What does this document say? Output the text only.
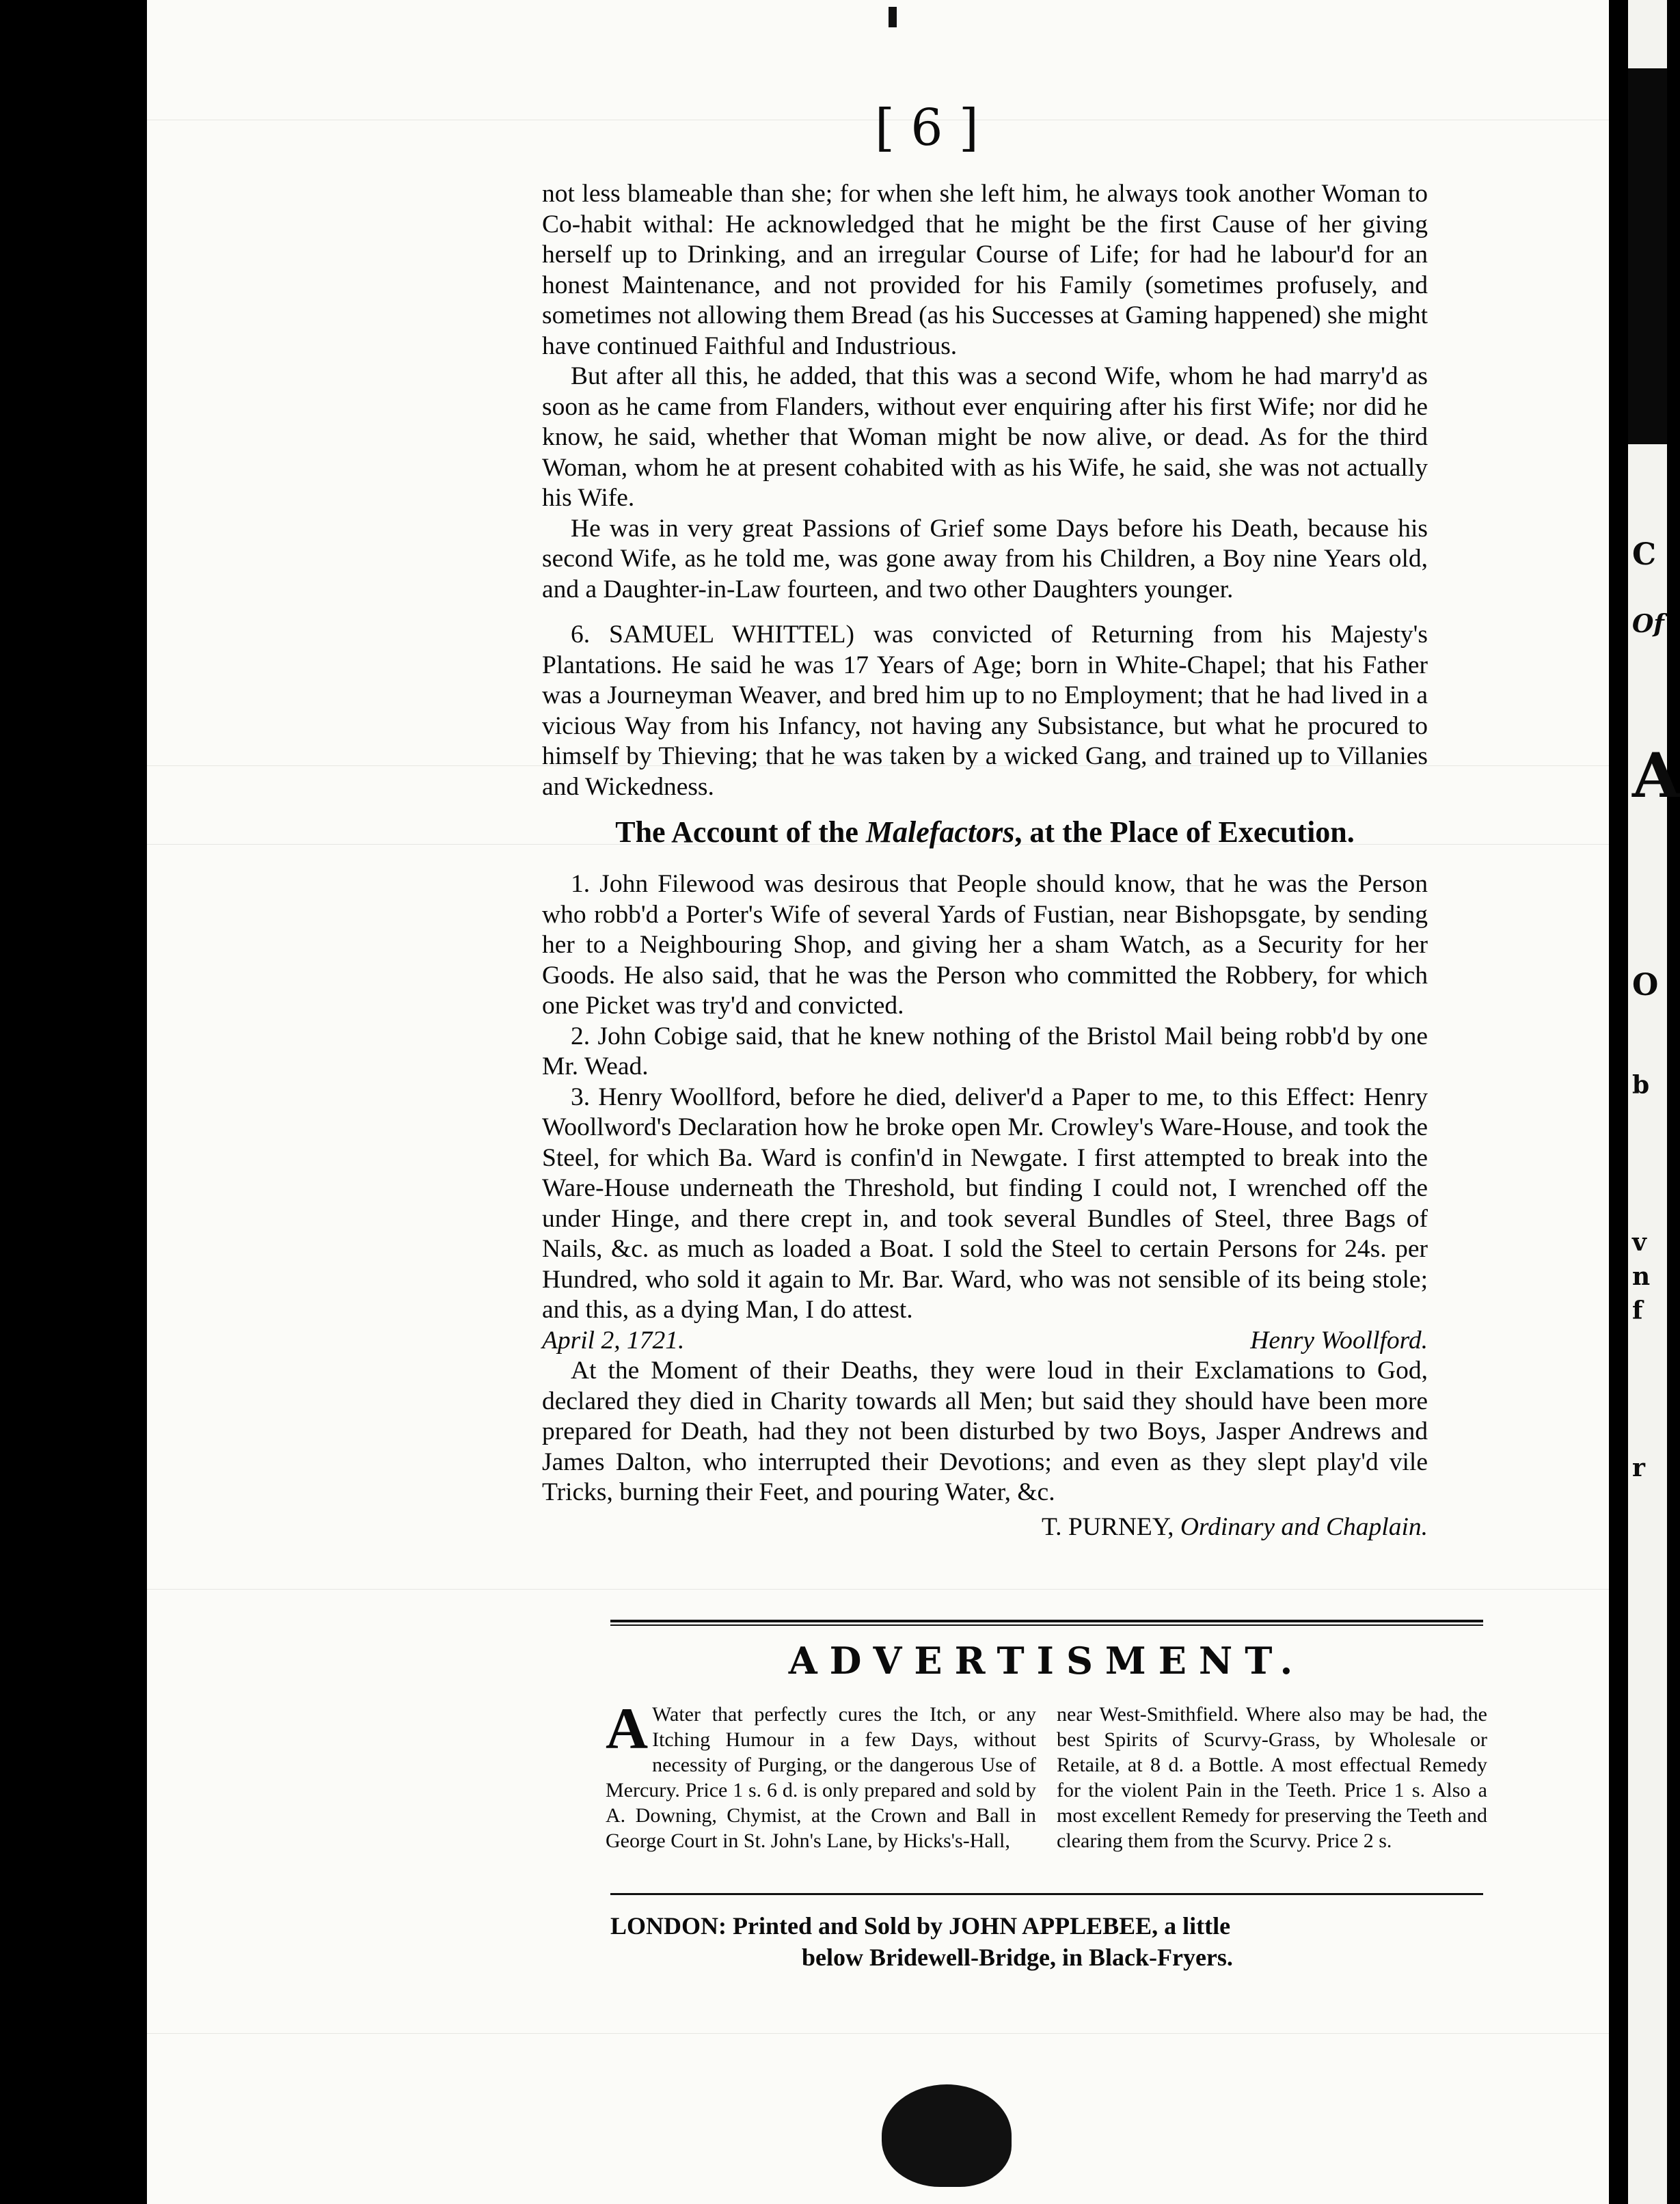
C
Of
A
O
b
v
n
f
r
[ 6 ]

not less blameable than she; for when she left him, he always took another Woman to Co-habit withal: He acknowledged that he might be the first Cause of her giving herself up to Drinking, and an irregular Course of Life; for had he labour'd for an honest Maintenance, and not provided for his Family (sometimes profusely, and sometimes not allowing them Bread (as his Successes at Gaming happened) she might have continued Faithful and Industrious.

But after all this, he added, that this was a second Wife, whom he had marry'd as soon as he came from Flanders, without ever enquiring after his first Wife; nor did he know, he said, whether that Woman might be now alive, or dead. As for the third Woman, whom he at present cohabited with as his Wife, he said, she was not actually his Wife.

He was in very great Passions of Grief some Days before his Death, because his second Wife, as he told me, was gone away from his Children, a Boy nine Years old, and a Daughter-in-Law fourteen, and two other Daughters younger.

6. SAMUEL WHITTEL) was convicted of Returning from his Majesty's Plantations. He said he was 17 Years of Age; born in White-Chapel; that his Father was a Journeyman Weaver, and bred him up to no Employment; that he had lived in a vicious Way from his Infancy, not having any Subsistance, but what he procured to himself by Thieving; that he was taken by a wicked Gang, and trained up to Villanies and Wickedness.

The Account of the Malefactors, at the Place of Execution.

1. John Filewood was desirous that People should know, that he was the Person who robb'd a Porter's Wife of several Yards of Fustian, near Bishopsgate, by sending her to a Neighbouring Shop, and giving her a sham Watch, as a Security for her Goods. He also said, that he was the Person who committed the Robbery, for which one Picket was try'd and convicted.

2. John Cobige said, that he knew nothing of the Bristol Mail being robb'd by one Mr. Wead.

3. Henry Woollford, before he died, deliver'd a Paper to me, to this Effect: Henry Woollword's Declaration how he broke open Mr. Crowley's Ware-House, and took the Steel, for which Ba. Ward is confin'd in Newgate. I first attempted to break into the Ware-House underneath the Threshold, but finding I could not, I wrenched off the under Hinge, and there crept in, and took several Bundles of Steel, three Bags of Nails, &c. as much as loaded a Boat. I sold the Steel to certain Persons for 24s. per Hundred, who sold it again to Mr. Bar. Ward, who was not sensible of its being stole; and this, as a dying Man, I do attest.

April 2, 1721.	Henry Woollford.

At the Moment of their Deaths, they were loud in their Exclamations to God, declared they died in Charity towards all Men; but said they should have been more prepared for Death, had they not been disturbed by two Boys, Jasper Andrews and James Dalton, who interrupted their Devotions; and even as they slept play'd vile Tricks, burning their Feet, and pouring Water, &c.

T. PURNEY, Ordinary and Chaplain.
ADVERTISMENT.
A Water that perfectly cures the Itch, or any Itching Humour in a few Days, without necessity of Purging, or the dangerous Use of Mercury. Price 1 s. 6 d. is only prepared and sold by A. Downing, Chymist, at the Crown and Ball in George Court in St. John's Lane, by Hicks's-Hall,
near West-Smithfield. Where also may be had, the best Spirits of Scurvy-Grass, by Wholesale or Retaile, at 8 d. a Bottle. A most effectual Remedy for the violent Pain in the Teeth. Price 1 s. Also a most excellent Remedy for preserving the Teeth and clearing them from the Scurvy. Price 2 s.
LONDON: Printed and Sold by JOHN APPLEBEE, a little
below Bridewell-Bridge, in Black-Fryers.
